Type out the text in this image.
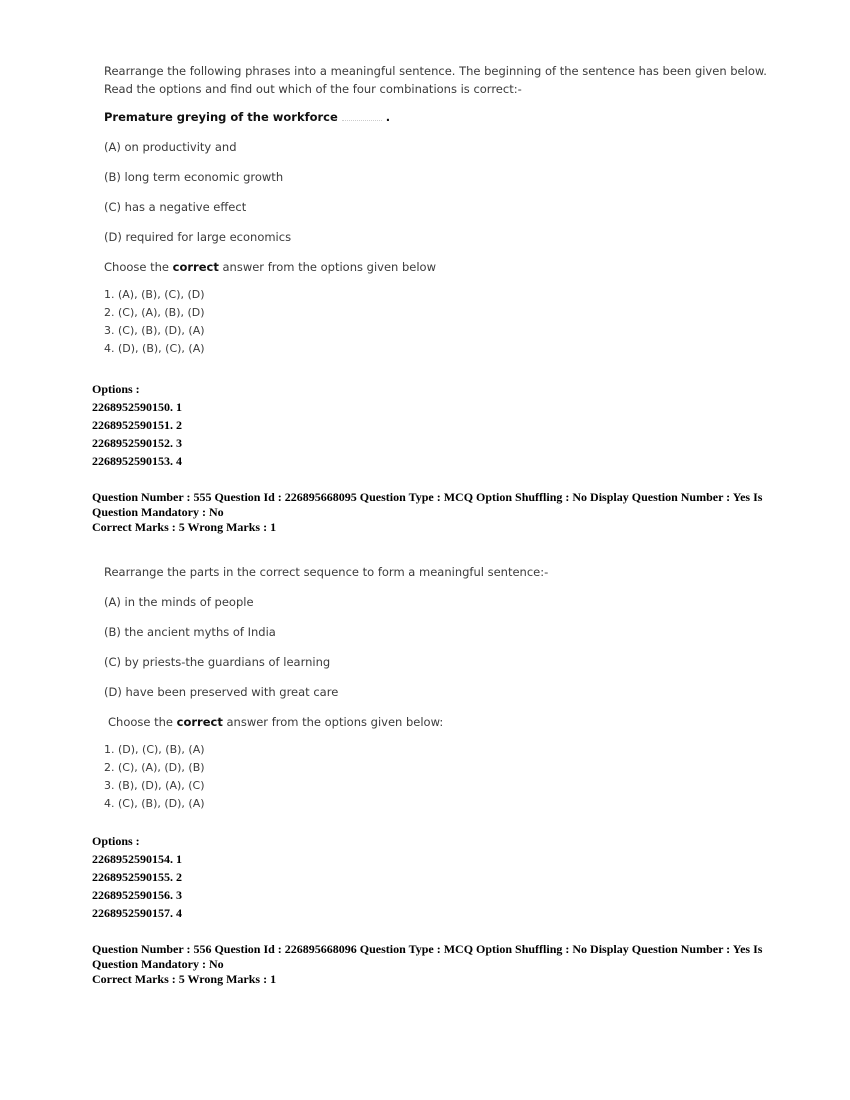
Rearrange the following phrases into a meaningful sentence. The beginning of the sentence has been given below.

Read the options and find out which of the four combinations is correct:-

Premature greying of the workforce	.

(A) on productivity and

(B) long term economic growth

(C) has a negative effect

(D) required for large economics

Choose the correct answer from the options given below

1. (A), (B), (C), (D)
2. (C), (A), (B), (D)
3. (C), (B), (D), (A)
4. (D), (B), (C), (A)

Options :

2268952590150. 1

2268952590151. 2

2268952590152. 3

2268952590153. 4

Question Number : 555 Question Id : 226895668095 Question Type : MCQ Option Shuffling : No Display Question Number : Yes Is
Question Mandatory : No
Correct Marks : 5 Wrong Marks : 1

Rearrange the parts in the correct sequence to form a meaningful sentence:-

(A) in the minds of people

(B) the ancient myths of India

(C) by priests-the guardians of learning

(D) have been preserved with great care

Choose the correct answer from the options given below:

1. (D), (C), (B), (A)
2. (C), (A), (D), (B)
3. (B), (D), (A), (C)
4. (C), (B), (D), (A)

Options :

2268952590154. 1

2268952590155. 2

2268952590156. 3

2268952590157. 4

Question Number : 556 Question Id : 226895668096 Question Type : MCQ Option Shuffling : No Display Question Number : Yes Is
Question Mandatory : No
Correct Marks : 5 Wrong Marks : 1
